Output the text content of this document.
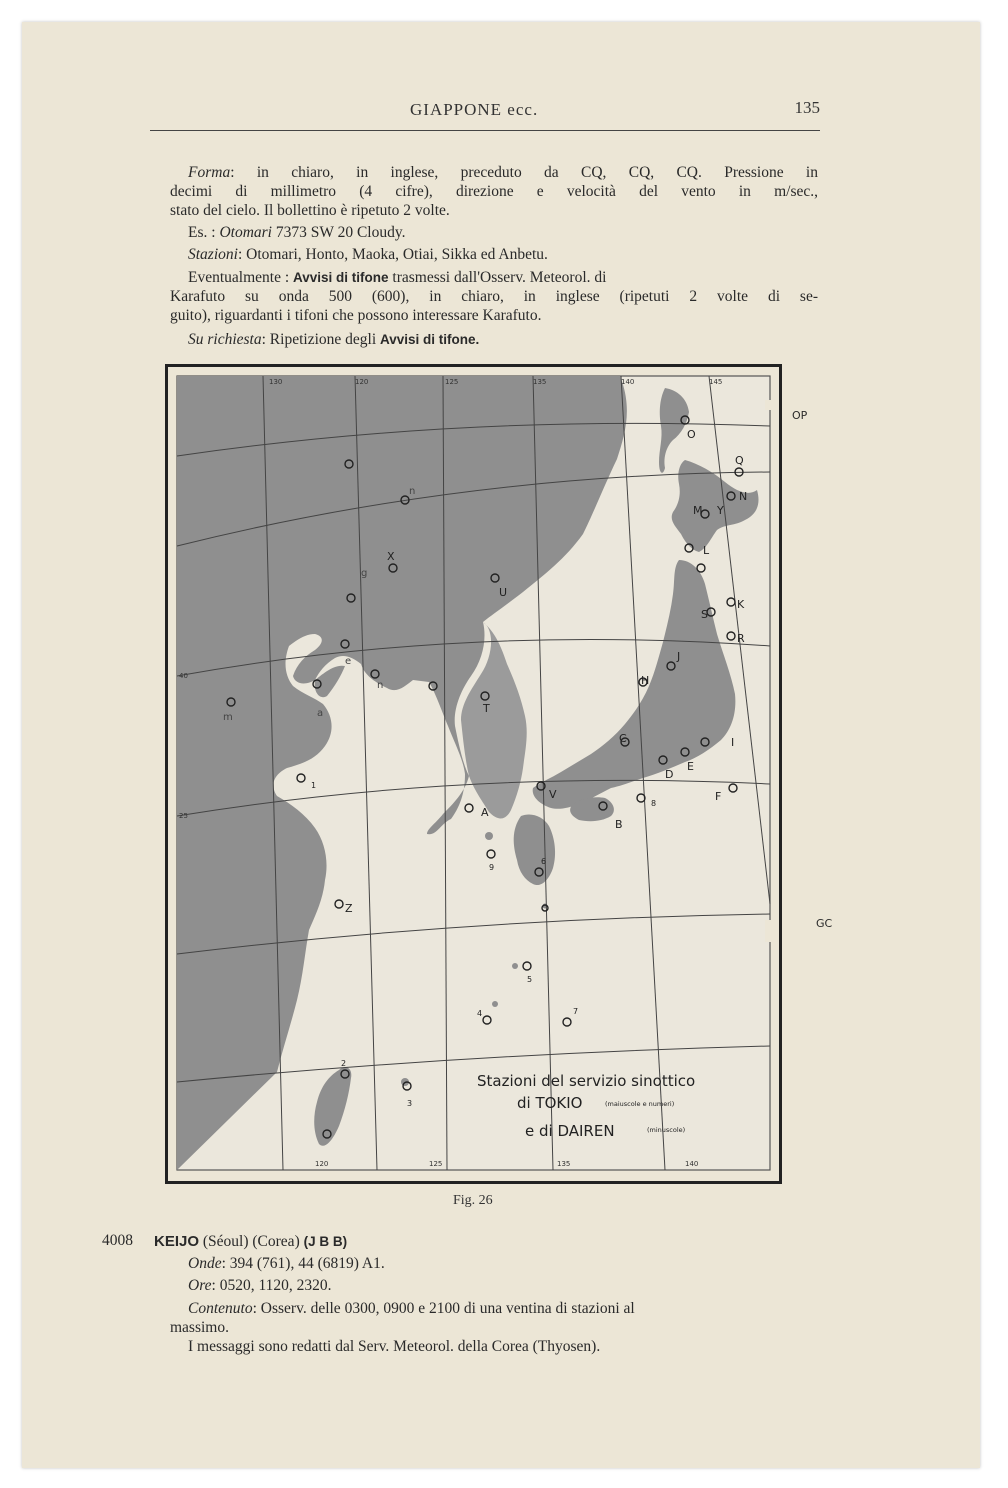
GIAPPONE ecc.	135
Forma: in chiaro, in inglese, preceduto da CQ, CQ, CQ. Pressione in
decimi di millimetro (4 cifre), direzione e velocità del vento in m/sec.,
stato del cielo. Il bollettino è ripetuto 2 volte.
Es. : Otomari 7373 SW 20 Cloudy.
Stazioni: Otomari, Honto, Maoka, Otiai, Sikka ed Anbetu.
Eventualmente : Avvisi di tifone trasmessi dall'Osserv. Meteorol. di
Karafuto su onda 500 (600), in chiaro, in inglese (ripetuti 2 volte di se-
guito), riguardanti i tifoni che possono interessare Karafuto.
Su richiesta: Ripetizione degli Avvisi di tifone.
130	120	125	135	140	145
40
25
120	125	135	140
O
Q
N
M Y
X	L
U
S
K
R
J
H
T
C	I
D
E
V	F
A
B
Z
8
6
9
5
4	7
2
3
1
n
n
g
a
m
e
Stazioni del servizio sinottico
di TOKIO	(maiuscole e numeri)
e di DAIREN	(minuscole)
OP
GC
Fig. 26
4008 KEIJO (Séoul) (Corea) (J B B)
Onde: 394 (761), 44 (6819) A1.
Ore: 0520, 1120, 2320.
Contenuto: Osserv. delle 0300, 0900 e 2100 di una ventina di stazioni al
massimo.
I messaggi sono redatti dal Serv. Meteorol. della Corea (Thyosen).
